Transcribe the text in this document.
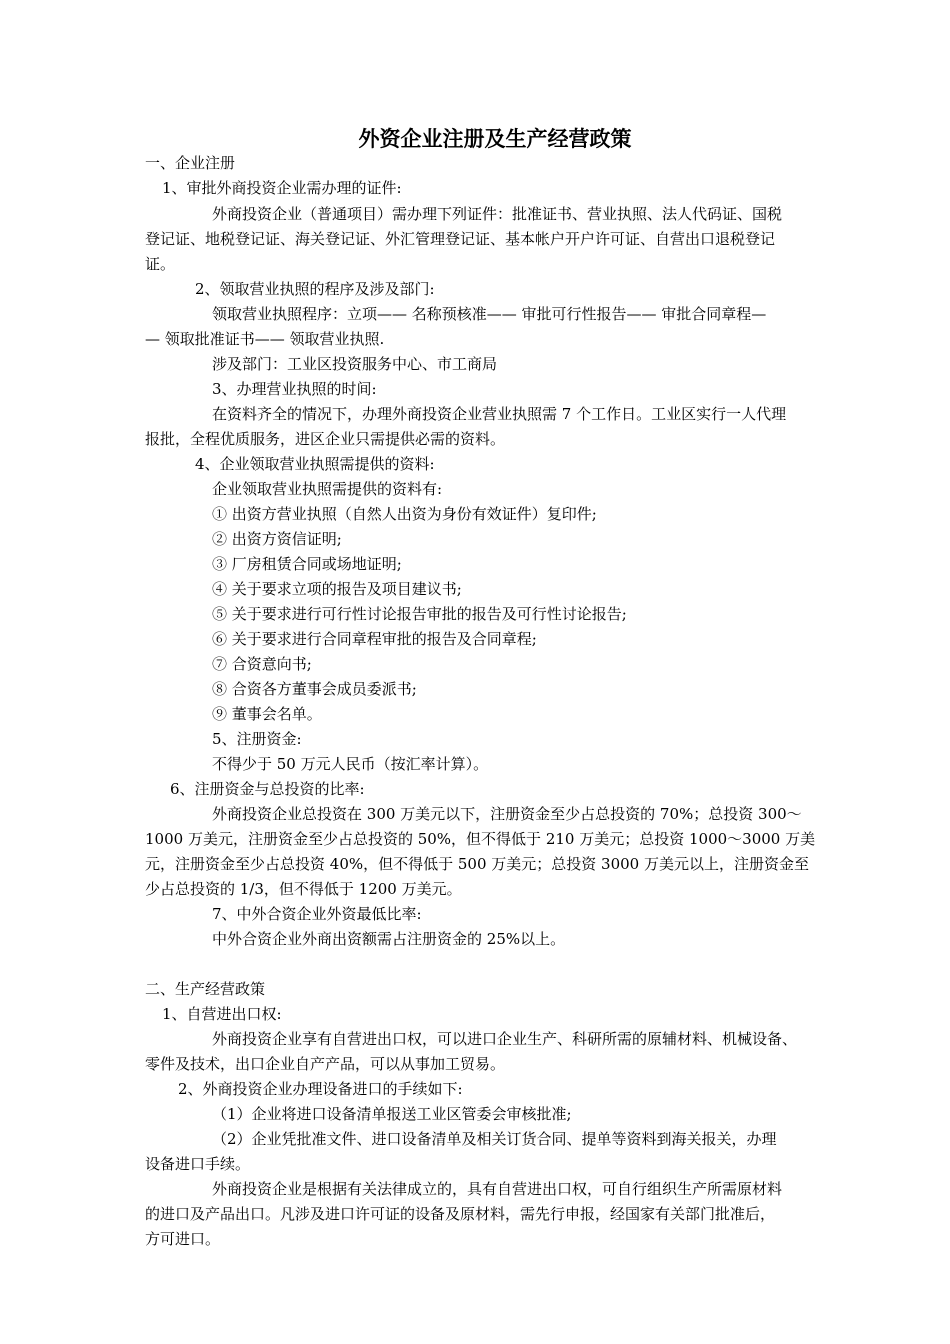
外资企业注册及生产经营政策

一、企业注册

1、审批外商投资企业需办理的证件:

外商投资企业（普通项目）需办理下列证件：批准证书、营业执照、法人代码证、国税

登记证、地税登记证、海关登记证、外汇管理登记证、基本帐户开户许可证、自营出口退税登记

证。

2、领取营业执照的程序及涉及部门:

领取营业执照程序：立项—— 名称预核准—— 审批可行性报告—— 审批合同章程—

— 领取批准证书—— 领取营业执照.

涉及部门：工业区投资服务中心、市工商局

3、办理营业执照的时间:

在资料齐全的情况下，办理外商投资企业营业执照需 7 个工作日。工业区实行一人代理

报批，全程优质服务，进区企业只需提供必需的资料。

4、企业领取营业执照需提供的资料:

企业领取营业执照需提供的资料有:

① 出资方营业执照（自然人出资为身份有效证件）复印件;

② 出资方资信证明;

③ 厂房租赁合同或场地证明;

④ 关于要求立项的报告及项目建议书;

⑤ 关于要求进行可行性讨论报告审批的报告及可行性讨论报告;

⑥ 关于要求进行合同章程审批的报告及合同章程;

⑦ 合资意向书;

⑧ 合资各方董事会成员委派书;

⑨ 董事会名单。

5、注册资金:

不得少于 50 万元人民币（按汇率计算）。

6、注册资金与总投资的比率:

外商投资企业总投资在 300 万美元以下，注册资金至少占总投资的 70%；总投资 300～

1000 万美元，注册资金至少占总投资的 50%，但不得低于 210 万美元；总投资 1000～3000 万美

元，注册资金至少占总投资 40%，但不得低于 500 万美元；总投资 3000 万美元以上，注册资金至

少占总投资的 1/3，但不得低于 1200 万美元。

7、中外合资企业外资最低比率:

中外合资企业外商出资额需占注册资金的 25%以上。

二、生产经营政策

1、自营进出口权:

外商投资企业享有自营进出口权，可以进口企业生产、科研所需的原辅材料、机械设备、

零件及技术，出口企业自产产品，可以从事加工贸易。

2、外商投资企业办理设备进口的手续如下:

（1）企业将进口设备清单报送工业区管委会审核批准;

（2）企业凭批准文件、进口设备清单及相关订货合同、提单等资料到海关报关，办理

设备进口手续。

外商投资企业是根据有关法律成立的，具有自营进出口权，可自行组织生产所需原材料

的进口及产品出口。凡涉及进口许可证的设备及原材料，需先行申报，经国家有关部门批准后，

方可进口。
